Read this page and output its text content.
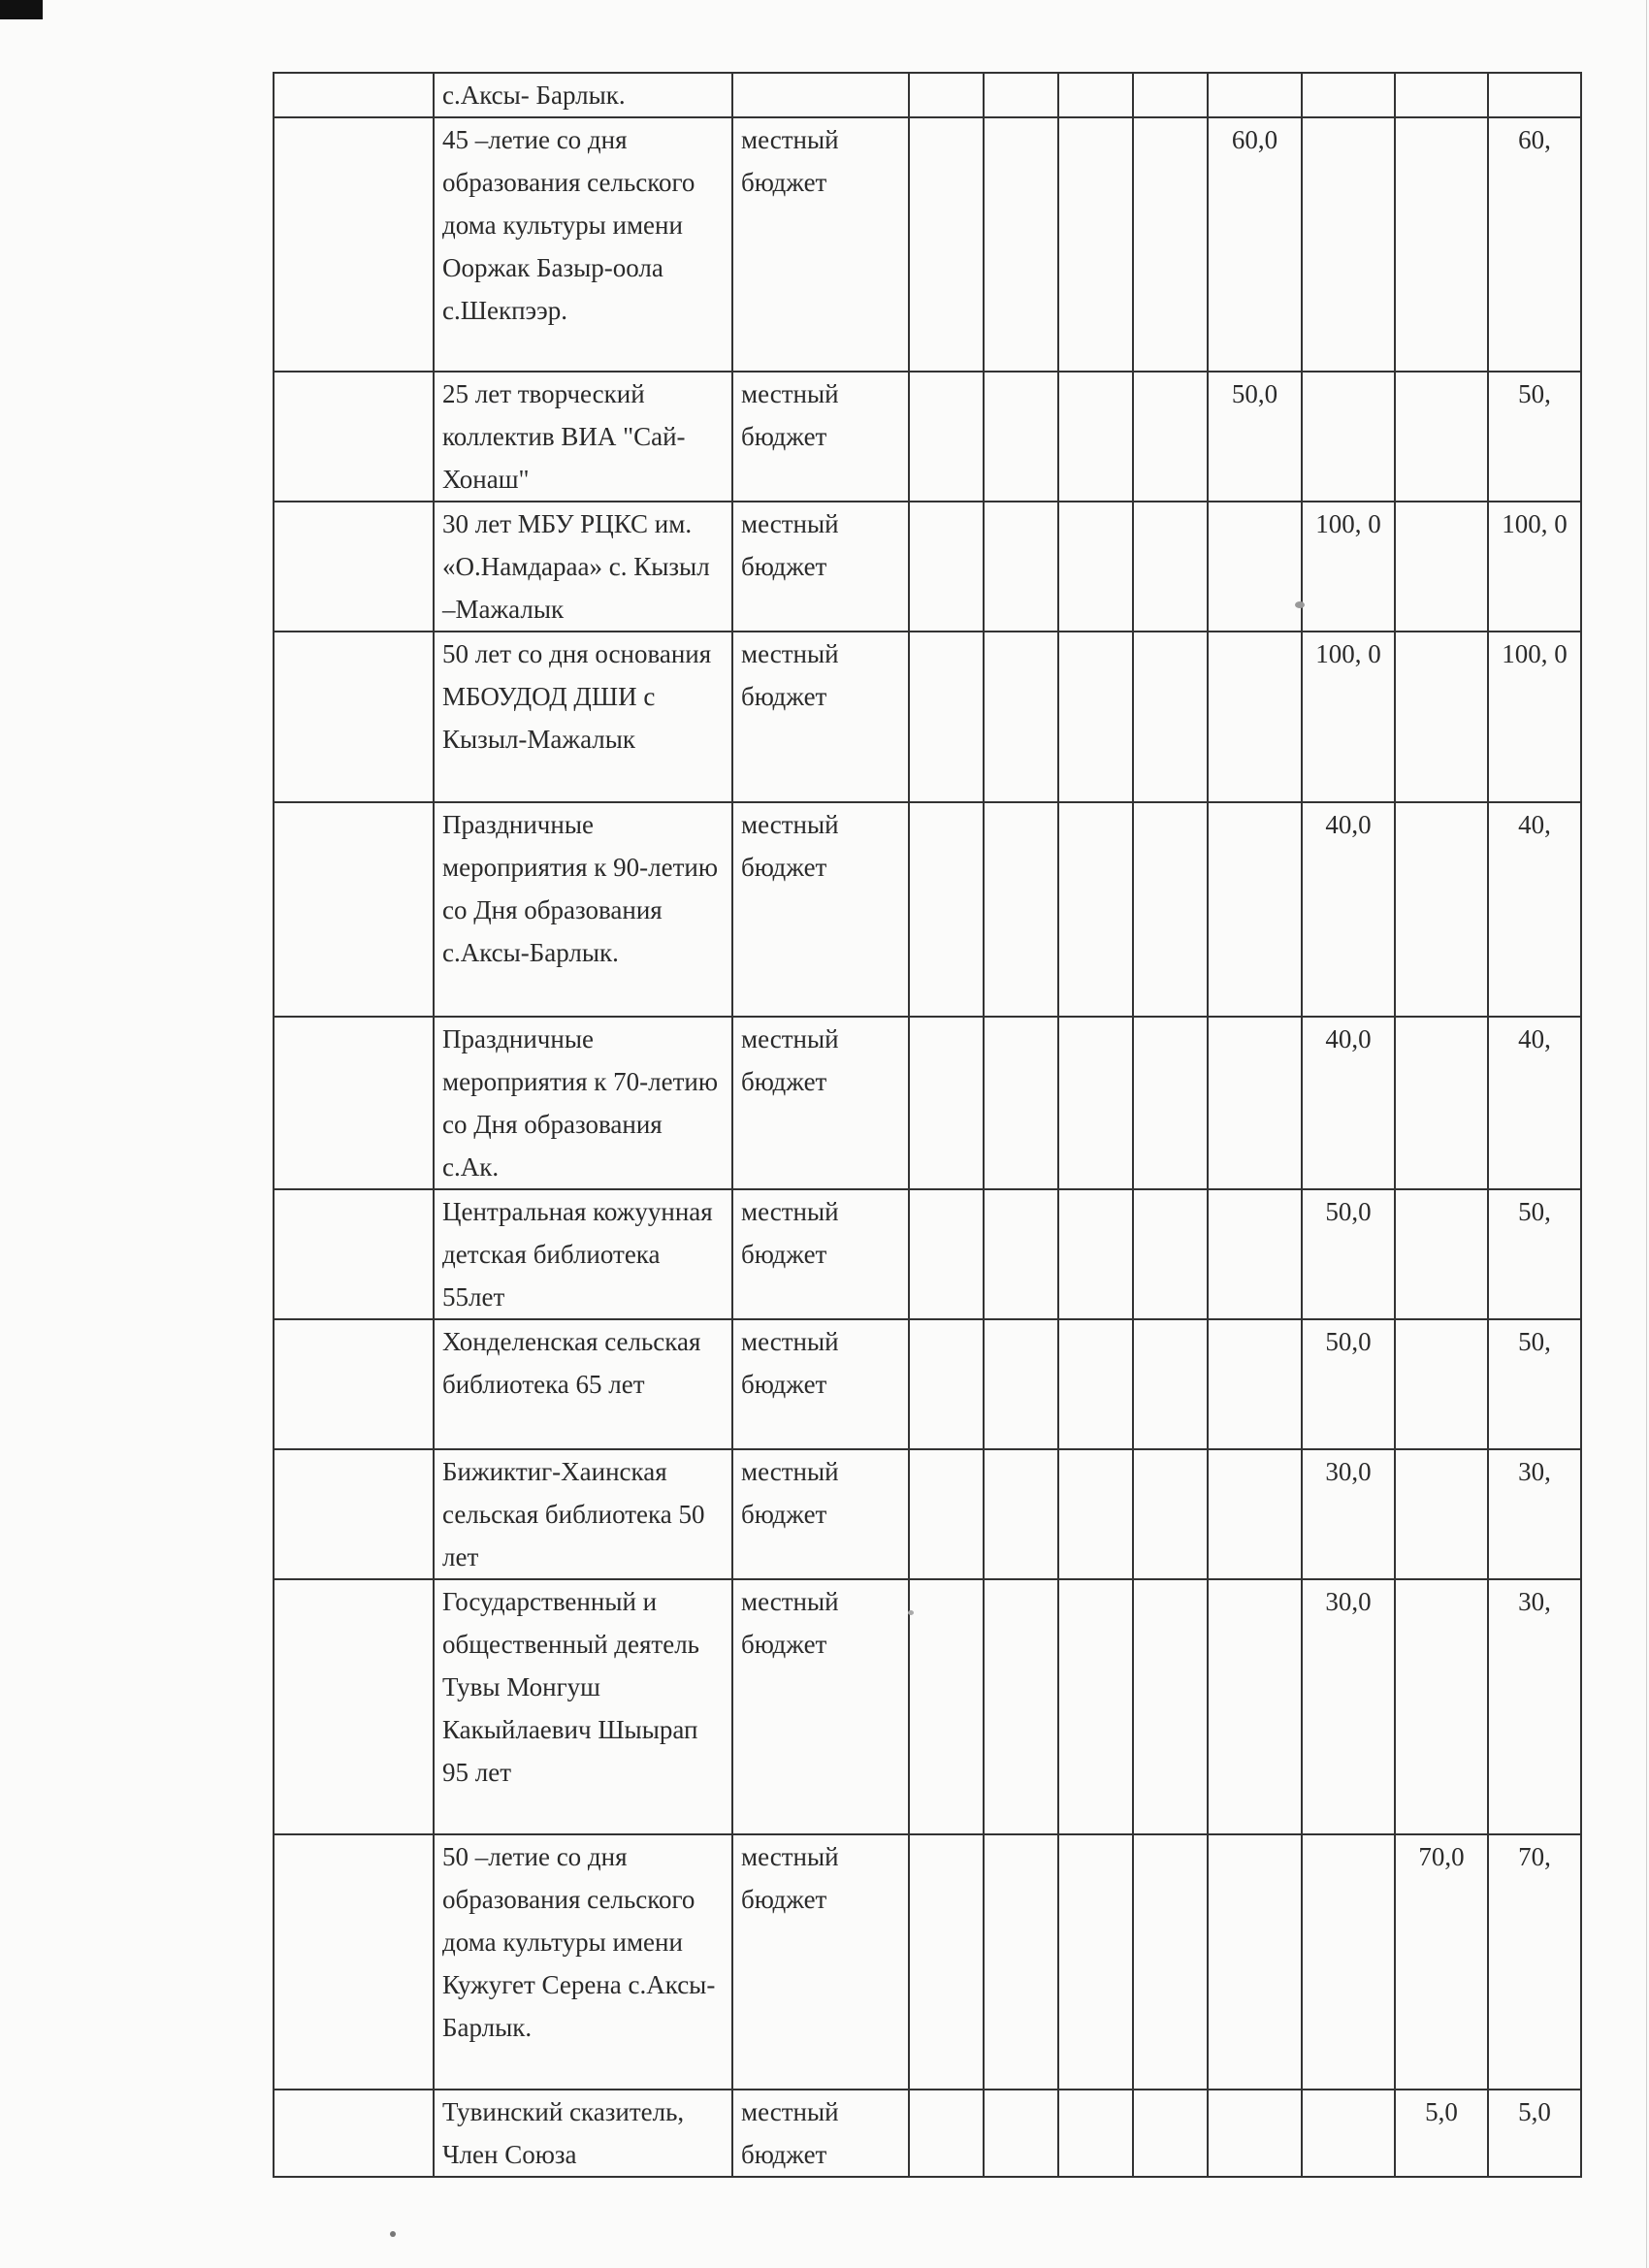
	с.Аксы- Барлык.									
	45 –летие со дня образования сельского дома культуры имени Ооржак Базыр-оола с.Шекпээр.	местный бюджет					60,0			60,
	25 лет творческий коллектив ВИА "Сай-Хонаш"	местный бюджет					50,0			50,
	30 лет МБУ РЦКС им. «О.Намдараа» с. Кызыл –Мажалык	местный бюджет						100, 0		100, 0
	50 лет со дня основания МБОУДОД ДШИ с Кызыл-Мажалык	местный бюджет						100, 0		100, 0
	Праздничные мероприятия к 90-летию со Дня образования с.Аксы-Барлык.	местный бюджет						40,0		40,
	Праздничные мероприятия к 70-летию со Дня образования с.Ак.	местный бюджет						40,0		40,
	Центральная кожуунная детская библиотека 55лет	местный бюджет						50,0		50,
	Хонделенская сельская библиотека 65 лет	местный бюджет						50,0		50,
	Бижиктиг-Хаинская сельская библиотека 50 лет	местный бюджет						30,0		30,
	Государственный и общественный деятель Тувы Монгуш Какыйлаевич Шыырап 95 лет	местный бюджет						30,0		30,
	50 –летие со дня образования сельского дома культуры имени Кужугет Серена с.Аксы-Барлык.	местный бюджет							70,0	70,
	Тувинский сказитель, Член Союза	местный бюджет							5,0	5,0
